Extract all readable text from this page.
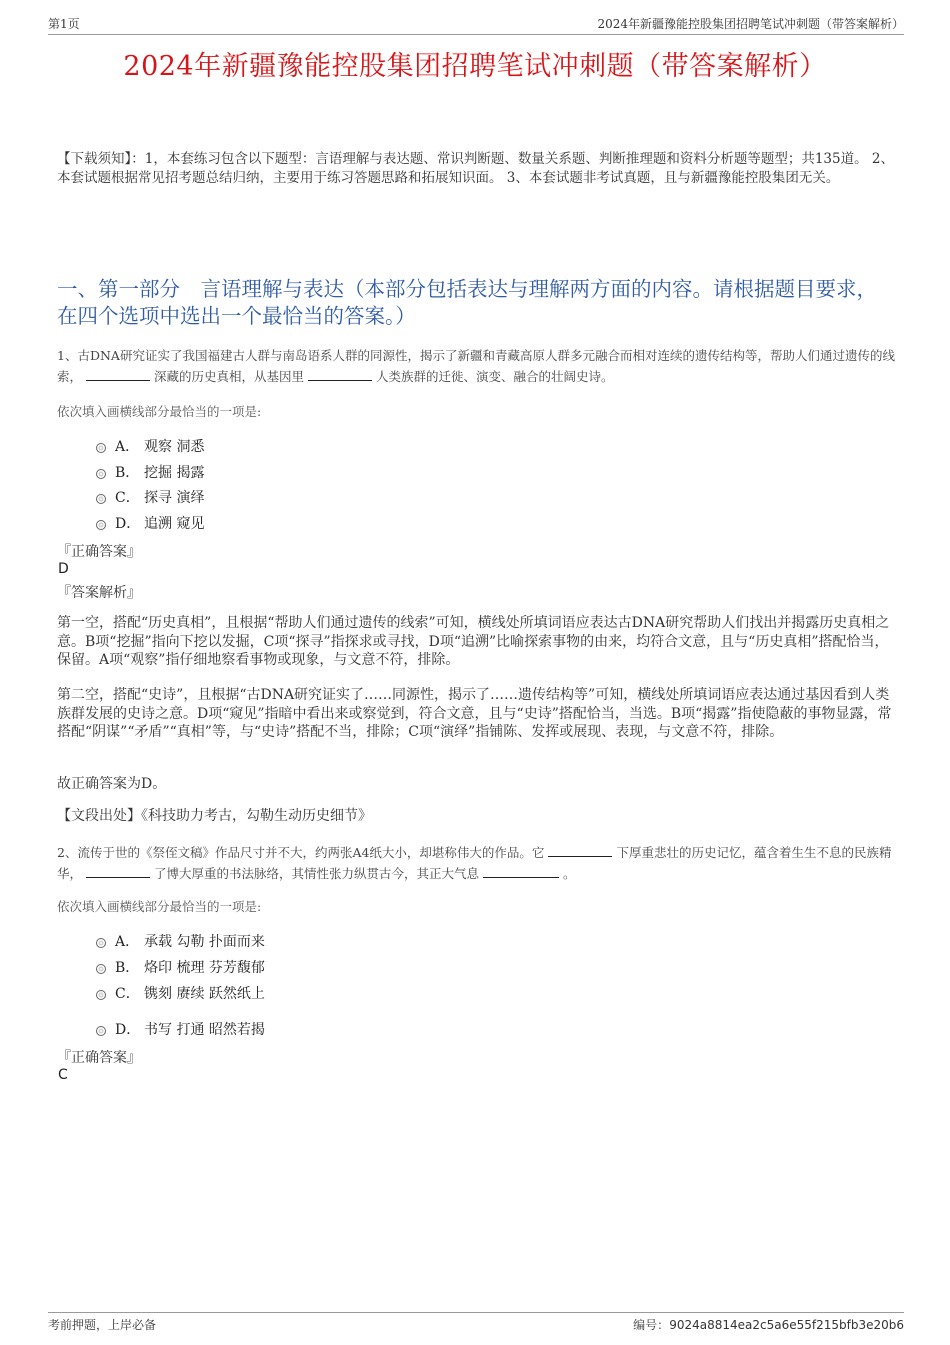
第1页	2024年新疆豫能控股集团招聘笔试冲刺题（带答案解析）
2024年新疆豫能控股集团招聘笔试冲刺题（带答案解析）
【下载须知】：1，本套练习包含以下题型：言语理解与表达题、常识判断题、数量关系题、判断推理题和资料分析题等题型；共135道。 2、本套试题根据常见招考题总结归纳，主要用于练习答题思路和拓展知识面。 3、本套试题非考试真题，且与新疆豫能控股集团无关。
一、第一部分　言语理解与表达（本部分包括表达与理解两方面的内容。请根据题目要求，在四个选项中选出一个最恰当的答案。）
1、古DNA研究证实了我国福建古人群与南岛语系人群的同源性，揭示了新疆和青藏高原人群多元融合而相对连续的遗传结构等，帮助人们通过遗传的线索，	深藏的历史真相，从基因里	人类族群的迁徙、演变、融合的壮阔史诗。
依次填入画横线部分最恰当的一项是:
A． 观察 洞悉
B． 挖掘 揭露
C． 探寻 演绎
D． 追溯 窥见
『正确答案』
D
『答案解析』
第一空，搭配“历史真相”，且根据“帮助人们通过遗传的线索”可知，横线处所填词语应表达古DNA研究帮助人们找出并揭露历史真相之意。B项“挖掘”指向下挖以发掘，C项“探寻”指探求或寻找，D项“追溯”比喻探索事物的由来，均符合文意，且与“历史真相”搭配恰当，保留。A项“观察”指仔细地察看事物或现象，与文意不符，排除。
第二空，搭配“史诗”，且根据“古DNA研究证实了……同源性，揭示了……遗传结构等”可知，横线处所填词语应表达通过基因看到人类族群发展的史诗之意。D项“窥见”指暗中看出来或察觉到，符合文意，且与“史诗”搭配恰当，当选。B项“揭露”指使隐蔽的事物显露，常搭配“阴谋”“矛盾”“真相”等，与“史诗”搭配不当，排除；C项“演绎”指铺陈、发挥或展现、表现，与文意不符，排除。
故正确答案为D。
【文段出处】《科技助力考古，勾勒生动历史细节》
2、流传于世的《祭侄文稿》作品尺寸并不大，约两张A4纸大小，却堪称伟大的作品。它	下厚重悲壮的历史记忆，蕴含着生生不息的民族精华，	了博大厚重的书法脉络，其情性张力纵贯古今，其正大气息	。
依次填入画横线部分最恰当的一项是:
A． 承载 勾勒 扑面而来
B． 烙印 梳理 芬芳馥郁
C． 镌刻 赓续 跃然纸上
D． 书写 打通 昭然若揭
『正确答案』
C
考前押题，上岸必备	编号：9024a8814ea2c5a6e55f215bfb3e20b6
